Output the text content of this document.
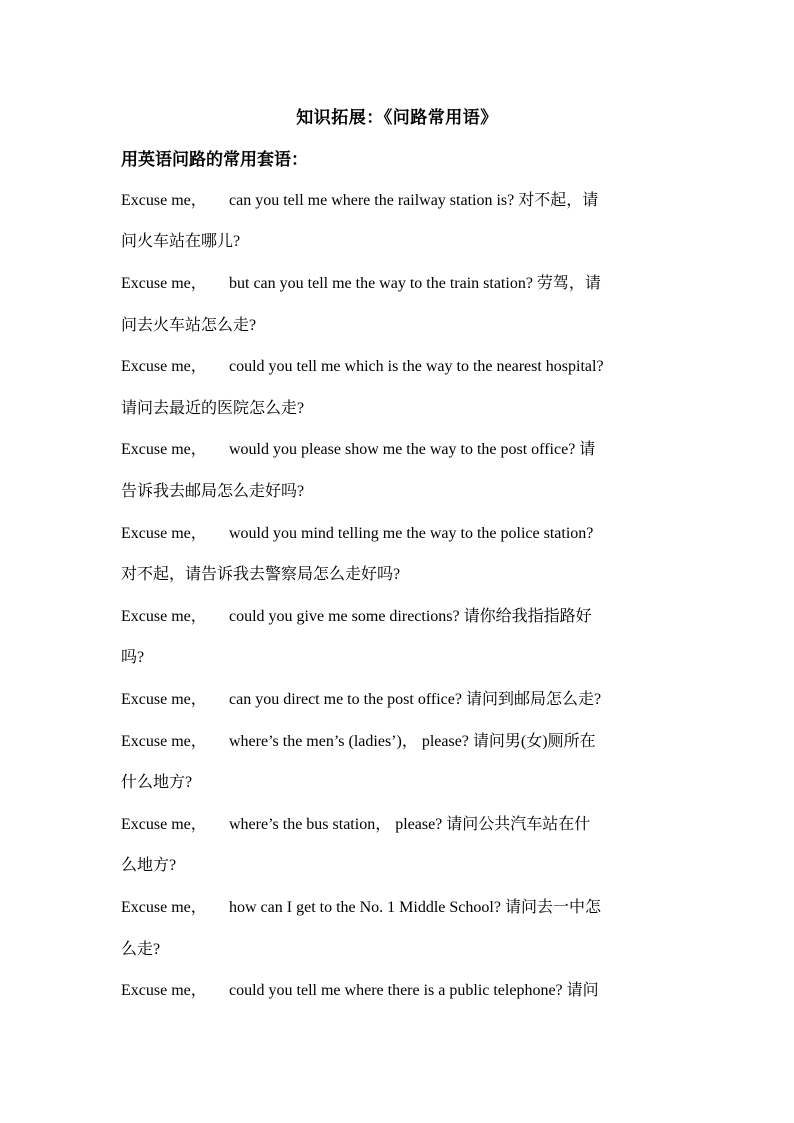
知识拓展：《问路常用语》
用英语问路的常用套语：
Excuse me， can you tell me where the railway station is? 对不起，请
问火车站在哪儿?
Excuse me， but can you tell me the way to the train station? 劳驾，请
问去火车站怎么走?
Excuse me， could you tell me which is the way to the nearest hospital?
请问去最近的医院怎么走?
Excuse me， would you please show me the way to the post office? 请
告诉我去邮局怎么走好吗?
Excuse me， would you mind telling me the way to the police station?
对不起，请告诉我去警察局怎么走好吗?
Excuse me， could you give me some directions? 请你给我指指路好
吗?
Excuse me， can you direct me to the post office? 请问到邮局怎么走?
Excuse me， where’s the men’s (ladies’)， please? 请问男(女)厕所在
什么地方?
Excuse me， where’s the bus station， please? 请问公共汽车站在什
么地方?
Excuse me， how can I get to the No. 1 Middle School? 请问去一中怎
么走?
Excuse me， could you tell me where there is a public telephone? 请问
